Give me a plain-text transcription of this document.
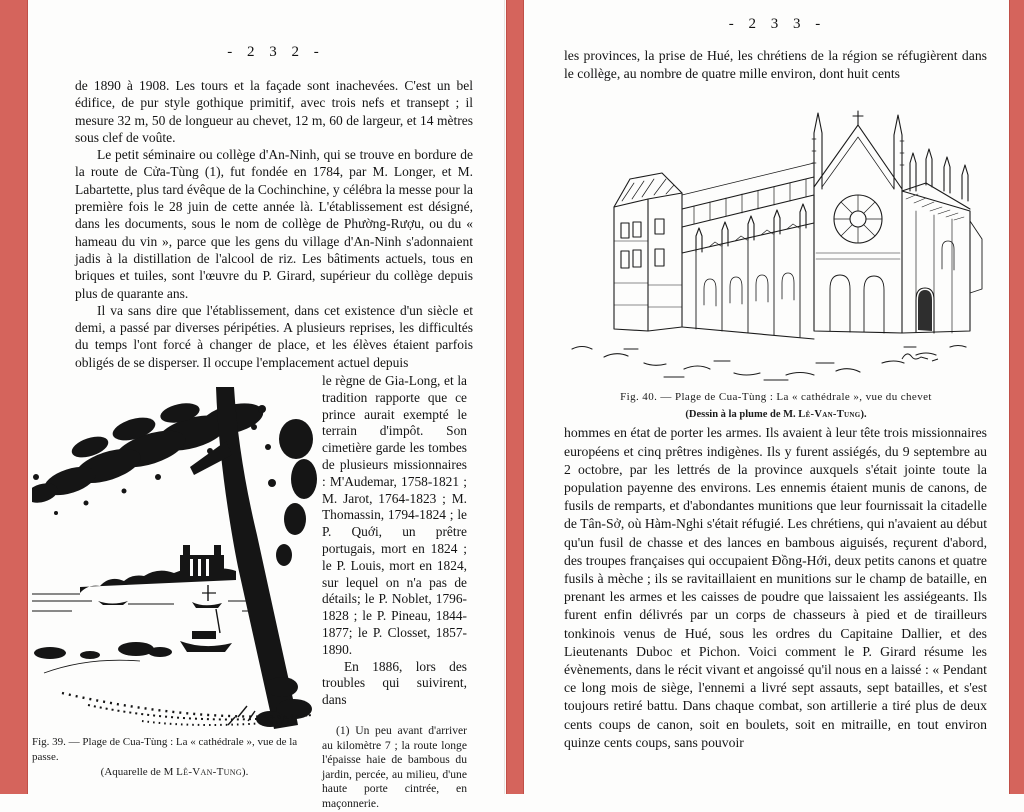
- 2 3 2 -

de 1890 à 1908. Les tours et la façade sont inachevées. C'est un bel édifice, de pur style gothique primitif, avec trois nefs et transept ; il mesure 32 m, 50 de longueur au chevet, 12 m, 60 de largeur, et 14 mètres sous clef de voûte.

Le petit séminaire ou collège d'An-Ninh, qui se trouve en bordure de la route de Cửa-Tùng (1), fut fondée en 1784, par M. Longer, et M. Labartette, plus tard évêque de la Cochinchine, y célébra la messe pour la première fois le 28 juin de cette année là. L'établissement est désigné, dans les documents, sous le nom de collège de Phường-Rượu, ou du « hameau du vin », parce que les gens du village d'An-Ninh s'adonnaient jadis à la distillation de l'alcool de riz. Les bâtiments actuels, tous en briques et tuiles, sont l'œuvre du P. Girard, supérieur du collège depuis plus de quarante ans.

Il va sans dire que l'établissement, dans cet existence d'un siècle et demi, a passé par diverses péripéties. A plusieurs reprises, les difficultés du temps l'ont forcé à changer de place, et les élèves étaient parfois obligés de se disperser. Il occupe l'emplacement actuel depuis

Fig. 39. — Plage de Cua-Tùng : La « cathédrale », vue de la passe.
(Aquarelle de M Lê-Van-Tung).

le règne de Gia-Long, et la tradition rapporte que ce prince aurait exempté le terrain d'impôt. Son cimetière garde les tombes de plusieurs missionnaires : M'Audemar, 1758-1821 ; M. Jarot, 1764-1823 ; M. Thomassin, 1794-1824 ; le P. Quới, un prêtre portugais, mort en 1824 ; le P. Louis, mort en 1824, sur lequel on n'a pas de détails; le P. Noblet, 1796-1828 ; le P. Pineau, 1844-1877; le P. Closset, 1857-1890.

En 1886, lors des troubles qui suivirent, dans

(1) Un peu avant d'arriver au kilomètre 7 ; la route longe l'épaisse haie de bambous du jardin, percée, au milieu, d'une haute porte cintrée, en maçonnerie.
- 2 3 3 -

les provinces, la prise de Hué, les chrétiens de la région se réfugièrent dans le collège, au nombre de quatre mille environ, dont huit cents

Fig. 40. — Plage de Cua-Tùng : La « cathédrale », vue du chevet
(Dessin à la plume de M. Lê-Van-Tung).

hommes en état de porter les armes. Ils avaient à leur tête trois missionnaires européens et cinq prêtres indigènes. Ils y furent assiégés, du 9 septembre au 2 octobre, par les lettrés de la province auxquels s'était jointe toute la population payenne des environs. Les ennemis étaient munis de canons, de fusils de remparts, et d'abondantes munitions que leur fournissait la citadelle de Tân-Sở, où Hàm-Nghi s'était réfugié. Les chrétiens, qui n'avaient au début qu'un fusil de chasse et des lances en bambous aiguisés, reçurent d'abord, des troupes françaises qui occupaient Đồng-Hới, deux petits canons et quatre fusils à mèche ; ils se ravitaillaient en munitions sur le champ de bataille, en prenant les armes et les caisses de poudre que laissaient les assiégeants. Ils furent enfin délivrés par un corps de chasseurs à pied et de tirailleurs tonkinois venus de Hué, sous les ordres du Capitaine Dallier, et des Lieutenants Duboc et Pichon. Voici comment le P. Girard résume les évènements, dans le récit vivant et angoissé qu'il nous en a laissé : « Pendant ce long mois de siège, l'ennemi a livré sept assauts, sept batailles, et s'est toujours retiré battu. Dans chaque combat, son artillerie a tiré plus de deux cents coups de canon, soit en boulets, soit en mitraille, en tout environ quinze cents coups, sans pouvoir
